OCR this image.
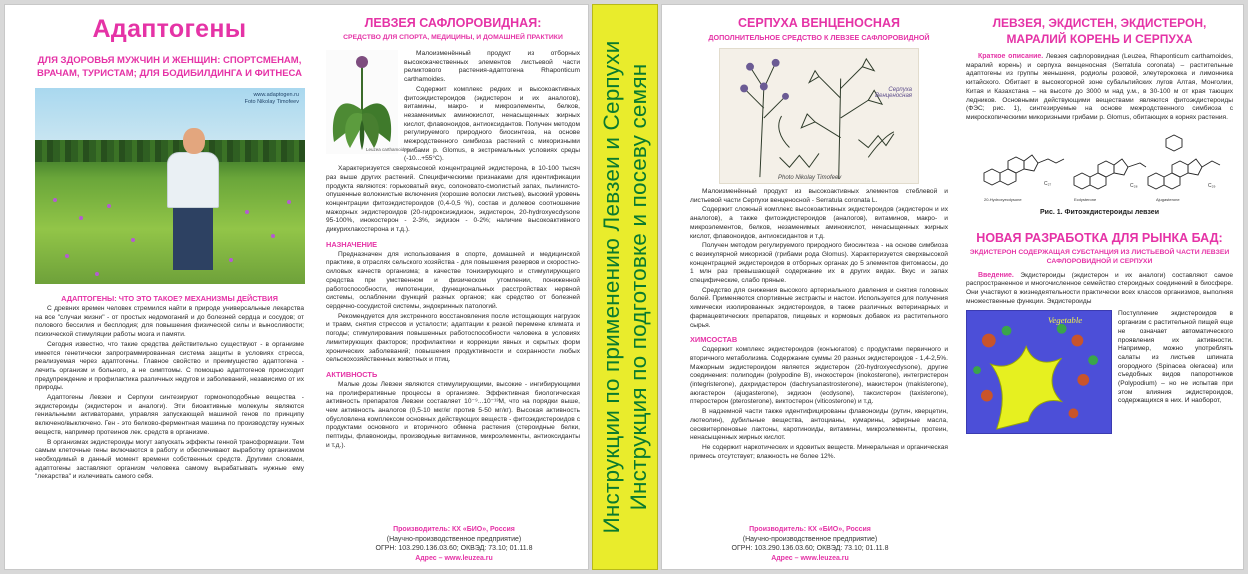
Адаптогены
ДЛЯ ЗДОРОВЬЯ МУЖЧИН И ЖЕНЩИН: СПОРТСМЕНАМ, ВРАЧАМ, ТУРИСТАМ; ДЛЯ БОДИБИЛДИНГА И ФИТНЕСА
www.adaptogen.ru
Foto Nikolay Timofeev
АДАПТОГЕНЫ: ЧТО ЭТО ТАКОЕ? МЕХАНИЗМЫ ДЕЙСТВИЯ

С древних времен человек стремился найти в природе универсальные лекарства на все "случаи жизни" - от простых недомоганий и до болезней сердца и сосудов; от полового бессилия и бесплодия; для повышения физической силы и выносливости; психической стимуляции работы мозга и памяти.

Сегодня известно, что такие средства действительно существуют - в организме имеется генетически запрограммированная система защиты в условиях стресса, реализуемая через адаптогены. Главное свойство и преимущество адаптогена - лечить организм и больного, а не симптомы. С помощью адаптогенов происходит предупреждение и профилактика различных недугов и заболеваний, независимо от их природы.

Адаптогены Левзеи и Серпухи синтезируют гормоноподобные вещества - экдистероиды (экдистерон и аналоги). Эти биоактивные молекулы являются гениальными активаторами, управляя запускающей машиной генов по принципу включено/выключено. Ген - это белково-ферментная машина по производству нужных веществ, например протеинов лек. средств в организме.

В организмах экдистероиды могут запускать эффекты генной трансформации. Тем самым клеточные гены включаются в работу и обеспечивают выработку организмом необходимый в данный момент времени собственных средств. Другими словами, адаптогены заставляют организм человека самому вырабатывать нужные ему "лекарства" и излечивать самого себя.

ЛЕВЗЕЯ САФЛОРОВИДНАЯ:
СРЕДСТВО ДЛЯ СПОРТА, МЕДИЦИНЫ, И ДОМАШНЕЙ ПРАКТИКИ
Leuzea carthamoides

Малоизменённый продукт из отборных высококачественных элементов листьевой части реликтового растения-адаптогена Rhaponticum carthamoides.

Содержит комплекс редких и высокоактивных фитоэкдистероидов (экдистерон и их аналогов), витамины, макро- и микроэлементы, белков, незаменимых аминокислот, ненасыщенных жирных кислот, флавоноидов, антиоксидантов. Получен методом регулируемого природного биосинтеза, на основе межродственного симбиоза растений с микоризными грибами p. Glomus, в экстремальных условиях среды (-10...+55°С).

Характеризуется сверхвысокой концентрацией экдистерона, в 10-100 тысяч раз выше других растений. Специфическими признаками для идентификации продукта являются: горьковатый вкус, солоновато-смолистый запах, пылинисто-опушенные волокнистые включения (хорошие волоски листьев), высокий уровень концентрации фитоэкдистероидов (0,4-0,5 %), состав и долевое соотношение мажорных экдистероидов (20-гидроксиэкдизон, экдистерон, 20-hydroxyecdysone 95-100%, инокостерон - 2-3%, экдизон - 0-2%; наличие высокоактивного дикурихлаксстерона и т.д.).

НАЗНАЧЕНИЕ

Предназначен для использования в спорте, домашней и медицинской практике, в отраслях сельского хозяйства - для повышения резервов и скоростно-силовых качеств организма; в качестве тонизирующего и стимулирующего средства при умственном и физическом утомлении, пониженной работоспособности, импотенции, функциональных расстройствах нервной системы, ослаблении функций разных органов; как средство от болезней сердечно-сосудистой системы, эндокринных патологий.

Рекомендуется для экстренного восстановления после истощающих нагрузок и травм, снятия стрессов и усталости; адаптации к резкой перемене климата и погоды; стимулирования повышенных работоспособности человека в условиях лимитирующих факторов; профилактики и коррекции явных и скрытых форм хронических заболеваний; повышения продуктивности и сохранности любых сельскохозяйственных животных и птиц.

АКТИВНОСТЬ

Малые дозы Левзеи являются стимулирующими, высокие - ингибирующими на пролиферативные процессы в организме. Эффективная биологическая активность препаратов Левзеи составляет 10⁻⁹...10⁻¹³М, что на порядки выше, чем активность аналогов (0,5-10 мкг/кг против 5-50 мг/кг). Высокая активность обусловлена комплексом основных действующих веществ - фитоэкдистероидов с продуктами основного и вторичного обмена растения (стероидные белки, пептиды, флавоноиды, производные витаминов, микроэлементы, антиоксиданты и т.д.).

Производитель: КХ «БИО», Россия
(Научно-производственное предприятие)
ОГРН: 103.290.136.03.60; ОКВЭД: 73.10; 01.11.8
Адрес – www.leuzea.ru
Инструкции по применению Левзеи и Серпухи Инструкция по подготовке и посеву семян
СЕРПУХА ВЕНЦЕНОСНАЯ
ДОПОЛНИТЕЛЬНОЕ СРЕДСТВО К ЛЕВЗЕЕ САФЛОРОВИДНОЙ
Серпуха
Венценосная
Photo Nikolay Timofeev

Малоизменённый продукт из высокоактивных элементов стеблевой и листьевой части Серпухи венценосной - Serratula coronata L.

Содержит сложный комплекс высокоактивных экдистероидов (экдистерон и их аналогов), а также фитоэкдистероидов (аналогов), витаминов, макро- и микроэлементов, белков, незаменимых аминокислот, ненасыщенных жирных кислот, флавоноидов, антиоксидантов и т.д.

Получен методом регулируемого природного биосинтеза - на основе симбиоза с везикулярной микоризой (грибами рода Glomus). Характеризуется сверхвысокой концентрацией экдистероидов в отборных органах до 5 элементов фитомассы, до 1 млн раз превышающей содержание их в других видах. Вкус и запах специфические, слабо пряные.

Средство для снижения высокого артериального давления и снятия головных болей. Применяются спортивные экстракты и настои. Используется для получения химически изолированных экдистероидов, в также различных ветеринарных и фармацевтических препаратов, пищевых и кормовых добавок из растительного сырья.

ХИМСОСТАВ

Содержит комплекс экдистероидов (конъюгатов) с продуктами первичного и вторичного метаболизма. Содержание суммы 20 разных экдистероидов - 1,4-2,5%. Мажорным экдистероидом является экдистерон (20-hydroxyecdysone), другие соединения: полиподин (polypodine B), инокостерон (inokosterone), интегристерон (integristerone), дахридастерон (dachrysanastrosterone), макистерон (makisterone), аюгастерон (ajugasterone), экдизон (ecdysone), таксистерон (taxisterone), птеростерон (pterosterone), виктостерон (viticosterone) и т.д.

В надземной части также идентифицированы флавоноиды (рутин, кверцетин, лютеолин), дубильные вещества, антоцианы, кумарины, эфирные масла, сесквитерпеновые лактоны, каротиноиды, витамины, микроэлементы, протеин, ненасыщенных жирных кислот.

Не содержит наркотических и ядовитых веществ. Минеральная и органическая примесь отсутствует; влажность не более 12%.

Производитель: КХ «БИО», Россия
(Научно-производственное предприятие)
ОГРН: 103.290.136.03.60; ОКВЭД: 73.10; 01.11.8
Адрес – www.leuzea.ru
ЛЕВЗЕЯ, ЭКДИСТЕН, ЭКДИСТЕРОН, МАРАЛИЙ КОРЕНЬ И СЕРПУХА

Краткое описание. Левзея сафлоровидная (Leuzea, Rhaponticum carthamoides, маралий корень) и серпуха венценосная (Serratula coronata) – растительные адаптогены из группы женьшеня, родиолы розовой, элеутерококка и лимонника китайского. Обитает в высокогорной зоне субальпийских лугов Алтая, Монголии, Китая и Казахстана – на высоте до 3000 м над у.м., в 30-100 м от края тающих ледников. Основными действующими веществами являются фитоэкдистероиды (ФЭС; рис. 1), синтезируемые на основе межродственного симбиоза с микроскопическими микоризными грибами р. Glomus, обитающих в корнях растения.

20-Hydroxyecdysone	Ecdysterone	Ajugasterone
C₂₇	C₂₈	C₂₉
Рис. 1. Фитоэкдистероиды левзеи
НОВАЯ РАЗРАБОТКА ДЛЯ РЫНКА БАД:
ЭКДИСТЕРОН СОДЕРЖАЩАЯ СУБСТАНЦИЯ ИЗ ЛИСТЬЕВОЙ ЧАСТИ ЛЕВЗЕИ САФЛОРОВИДНОЙ И СЕРПУХИ

Введение. Экдистероиды (экдистерон и их аналоги) составляют самое распространенное и многочисленное семейство стероидных соединений в биосфере. Они участвуют в жизнедеятельности практически всех классов организмов, выполняя множественные функции. Экдистероиды

Vegetable
Поступление экдистероидов в организм с растительной пищей еще не означает автоматического проявления их активности. Например, можно употреблять салаты из листьев шпината огородного (Spinacea oleracea) или съедобных видов папоротников (Polypodium) – но не испытав при этом влияния экдистероидов, содержащихся в них. И наоборот,
